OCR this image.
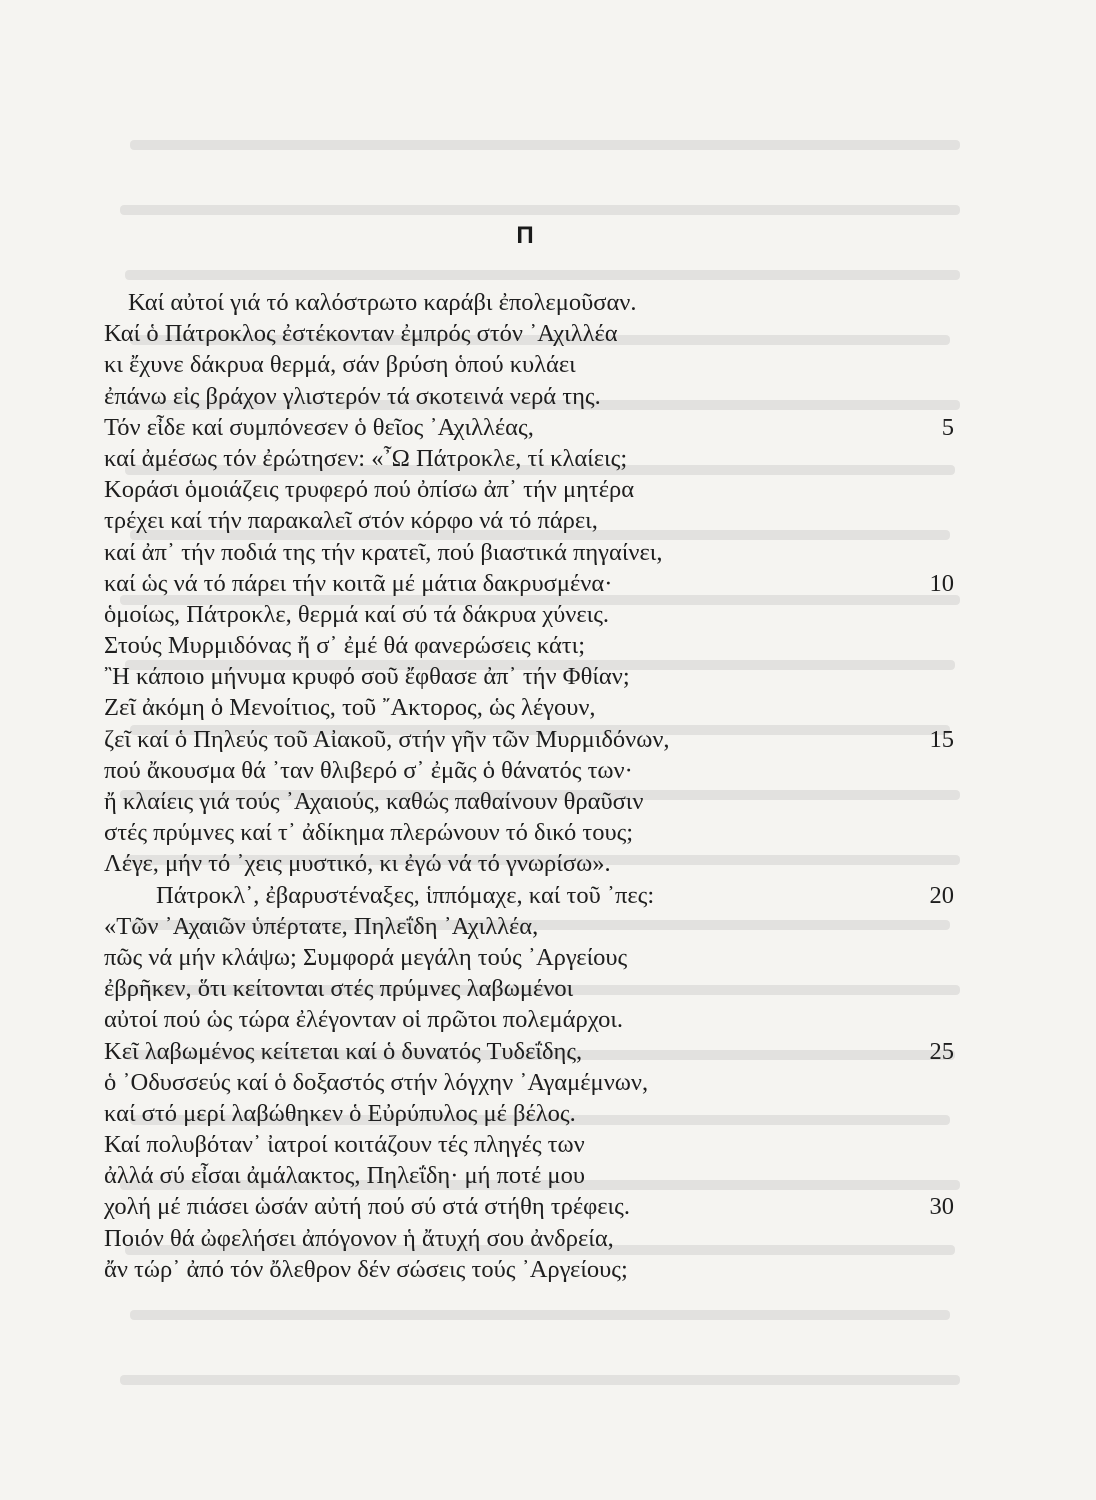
Π
Καί αὐτοί γιά τό καλόστρωτο καράβι ἐπολεμοῦσαν.
Καί ὁ Πάτροκλος ἐστέκονταν ἐμπρός στόν ᾿Αχιλλέα
κι ἔχυνε δάκρυα θερμά, σάν βρύση ὁπού κυλάει
ἐπάνω εἰς βράχον γλιστερόν τά σκοτεινά νερά της.
Τόν εἶδε καί συμπόνεσεν ὁ θεῖος ᾿Αχιλλέας,	5
καί ἀμέσως τόν ἐρώτησεν: «῏Ω Πάτροκλε, τί κλαίεις;
Κοράσι ὁμοιάζεις τρυφερό πού ὀπίσω ἀπ᾿ τήν μητέρα
τρέχει καί τήν παρακαλεῖ στόν κόρφο νά τό πάρει,
καί ἀπ᾿ τήν ποδιά της τήν κρατεῖ, πού βιαστικά πηγαίνει,
καί ὡς νά τό πάρει τήν κοιτᾶ μέ μάτια δακρυσμένα·	10
ὁμοίως, Πάτροκλε, θερμά καί σύ τά δάκρυα χύνεις.
Στούς Μυρμιδόνας ἤ σ᾿ ἐμέ θά φανερώσεις κάτι;
῍Η κάποιο μήνυμα κρυφό σοῦ ἔφθασε ἀπ᾿ τήν Φθίαν;
Ζεῖ ἀκόμη ὁ Μενοίτιος, τοῦ ῎Ακτορος, ὡς λέγουν,
ζεῖ καί ὁ Πηλεύς τοῦ Αἰακοῦ, στήν γῆν τῶν Μυρμιδόνων,	15
πού ἄκουσμα θά ᾿ταν θλιβερό σ᾿ ἐμᾶς ὁ θάνατός των·
ἤ κλαίεις γιά τούς ᾿Αχαιούς, καθώς παθαίνουν θραῦσιν
στές πρύμνες καί τ᾿ ἀδίκημα πλερώνουν τό δικό τους;
Λέγε, μήν τό ᾿χεις μυστικό, κι ἐγώ νά τό γνωρίσω».
Πάτροκλ᾿, ἐβαρυστέναξες, ἱππόμαχε, καί τοῦ ᾿πες:	20
«Τῶν ᾿Αχαιῶν ὑπέρτατε, Πηλεΐδη ᾿Αχιλλέα,
πῶς νά μήν κλάψω; Συμφορά μεγάλη τούς ᾿Αργείους
ἐβρῆκεν, ὅτι κείτονται στές πρύμνες λαβωμένοι
αὐτοί πού ὡς τώρα ἐλέγονταν οἱ πρῶτοι πολεμάρχοι.
Κεῖ λαβωμένος κείτεται καί ὁ δυνατός Τυδεΐδης,	25
ὁ ᾿Οδυσσεύς καί ὁ δοξαστός στήν λόγχην ᾿Αγαμέμνων,
καί στό μερί λαβώθηκεν ὁ Εὐρύπυλος μέ βέλος.
Καί πολυβόταν᾿ ἰατροί κοιτάζουν τές πληγές των
ἀλλά σύ εἶσαι ἀμάλακτος, Πηλεΐδη· μή ποτέ μου
χολή μέ πιάσει ὡσάν αὐτή πού σύ στά στήθη τρέφεις.	30
Ποιόν θά ὠφελήσει ἀπόγονον ἡ ἄτυχή σου ἀνδρεία,
ἄν τώρ᾿ ἀπό τόν ὄλεθρον δέν σώσεις τούς ᾿Αργείους;
